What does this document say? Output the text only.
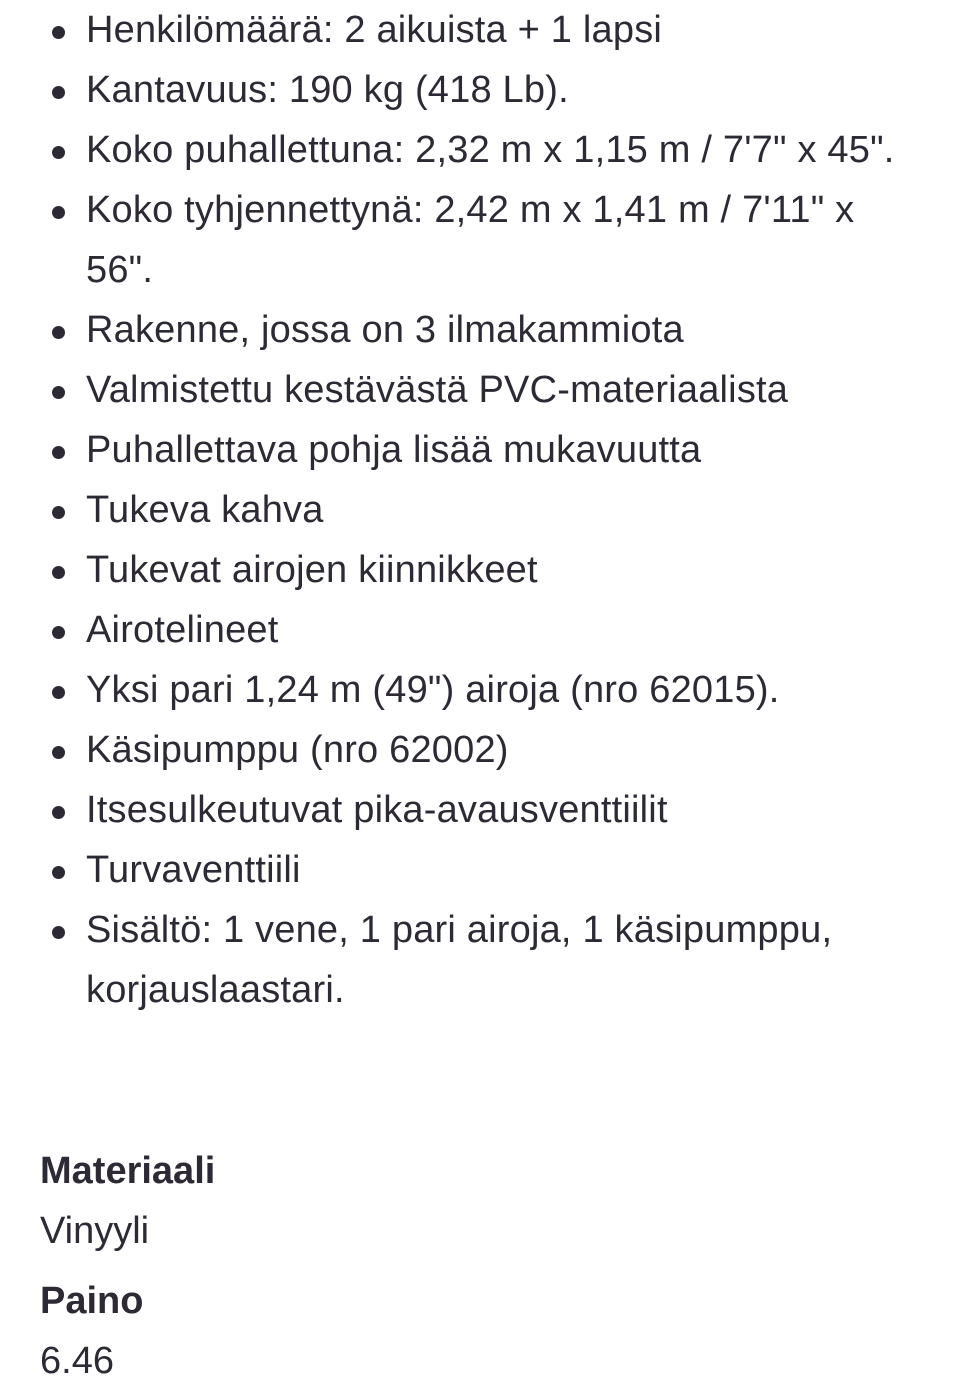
Henkilömäärä: 2 aikuista + 1 lapsi
Kantavuus: 190 kg (418 Lb).
Koko puhallettuna: 2,32 m x 1,15 m / 7'7" x 45".
Koko tyhjennettynä: 2,42 m x 1,41 m / 7'11" x 56".
Rakenne, jossa on 3 ilmakammiota
Valmistettu kestävästä PVC-materiaalista
Puhallettava pohja lisää mukavuutta
Tukeva kahva
Tukevat airojen kiinnikkeet
Airotelineet
Yksi pari 1,24 m (49") airoja (nro 62015).
Käsipumppu (nro 62002)
Itsesulkeutuvat pika-avausventtiilit
Turvaventtiili
Sisältö: 1 vene, 1 pari airoja, 1 käsipumppu, korjauslaastari.
Materiaali
Vinyyli
Paino
6.46
